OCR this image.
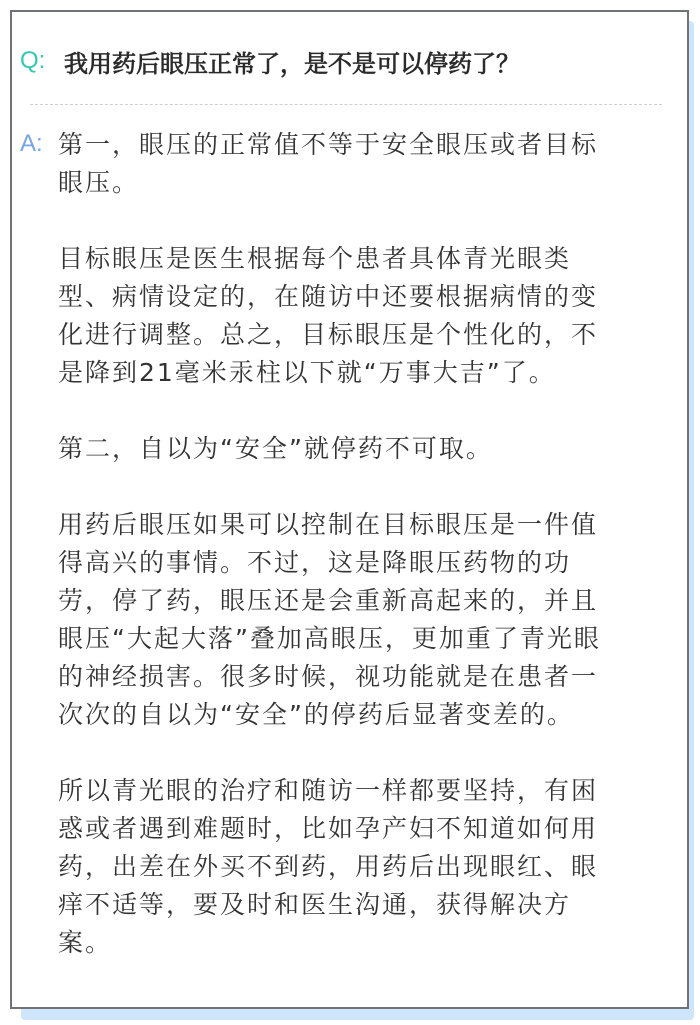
Q: 我用药后眼压正常了，是不是可以停药了？
A: 第一，眼压的正常值不等于安全眼压或者目标
眼压。

目标眼压是医生根据每个患者具体青光眼类
型、病情设定的，在随访中还要根据病情的变
化进行调整。总之，目标眼压是个性化的，不
是降到21毫米汞柱以下就“万事大吉”了。

第二，自以为“安全”就停药不可取。

用药后眼压如果可以控制在目标眼压是一件值
得高兴的事情。不过，这是降眼压药物的功
劳，停了药，眼压还是会重新高起来的，并且
眼压“大起大落”叠加高眼压，更加重了青光眼
的神经损害。很多时候，视功能就是在患者一
次次的自以为“安全”的停药后显著变差的。

所以青光眼的治疗和随访一样都要坚持，有困
惑或者遇到难题时，比如孕产妇不知道如何用
药，出差在外买不到药，用药后出现眼红、眼
痒不适等，要及时和医生沟通，获得解决方
案。
